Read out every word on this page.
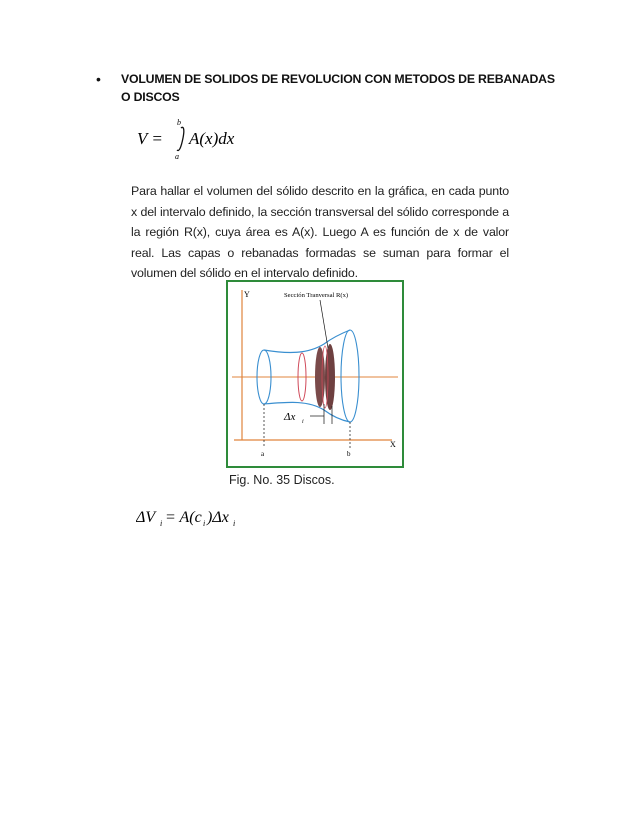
•	VOLUMEN DE SOLIDOS DE REVOLUCION CON METODOS DE REBANADAS O DISCOS
V =
b
a
A(x)dx
Para hallar el volumen del sólido descrito en la gráfica, en cada punto x del intervalo definido, la sección transversal del sólido corresponde a la región R(x), cuya área es A(x). Luego A es función de x de valor real. Las capas o rebanadas formadas se suman para formar el volumen del sólido en el intervalo definido.
Y
X
Sección Tranversal R(x)
Δx i
a	b
Fig. No. 35 Discos.
ΔV i = A(c i )Δx i
